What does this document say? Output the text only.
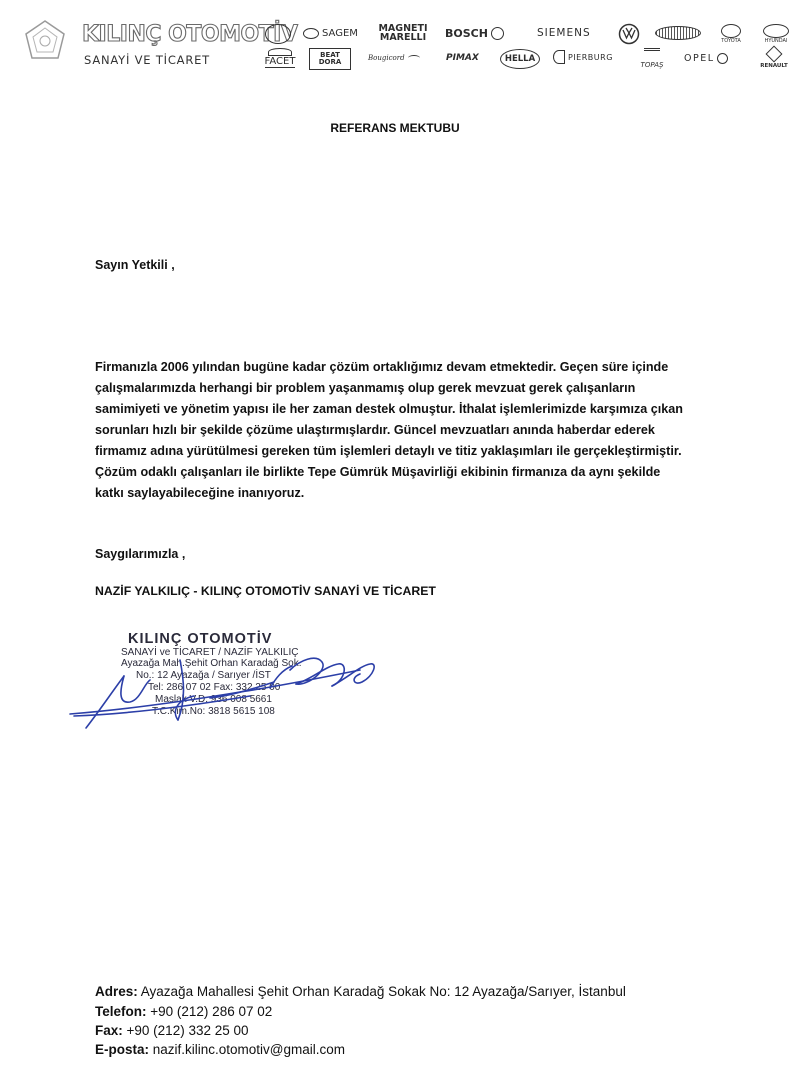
KILINÇ OTOMOTİV
SANAYİ VE TİCARET
SAGEM	MAGNETI MARELLI	BOSCH	SIEMENS
TOYOTA	HYUNDAI
FACET
BEAT DORA	Bougicord	PIMAX	HELLA	PIERBURG
TOPAŞ
OPEL
RENAULT
REFERANS MEKTUBU
Sayın Yetkili ,
Firmanızla 2006 yılından bugüne kadar çözüm ortaklığımız devam etmektedir. Geçen süre içinde
çalışmalarımızda herhangi bir problem yaşanmamış olup gerek mevzuat gerek çalışanların
samimiyeti ve yönetim yapısı ile her zaman destek olmuştur. İthalat işlemlerimizde karşımıza çıkan
sorunları hızlı bir şekilde çözüme ulaştırmışlardır. Güncel mevzuatları anında haberdar ederek
firmamız adına yürütülmesi gereken tüm işlemleri detaylı ve titiz yaklaşımları ile gerçekleştirmiştir.
Çözüm odaklı çalışanları ile birlikte Tepe Gümrük Müşavirliği ekibinin firmanıza da aynı şekilde
katkı saylayabileceğine inanıyoruz.
Saygılarımızla ,
NAZİF YALKILIÇ - KILINÇ OTOMOTİV SANAYİ VE TİCARET
KILINÇ OTOMOTİV
SANAYİ ve TİCARET / NAZİF YALKILIÇ
Ayazağa Mah.Şehit Orhan Karadağ Sok.
No.: 12 Ayazağa / Sarıyer /İST
Tel: 286 07 02 Fax: 332 25 00
Maslak V.D. 936 008 5661
T.C.Kim.No: 3818 5615 108
Adres: Ayazağa Mahallesi Şehit Orhan Karadağ Sokak No: 12 Ayazağa/Sarıyer, İstanbul
Telefon: +90 (212) 286 07 02
Fax: +90 (212) 332 25 00
E-posta: nazif.kilinc.otomotiv@gmail.com
